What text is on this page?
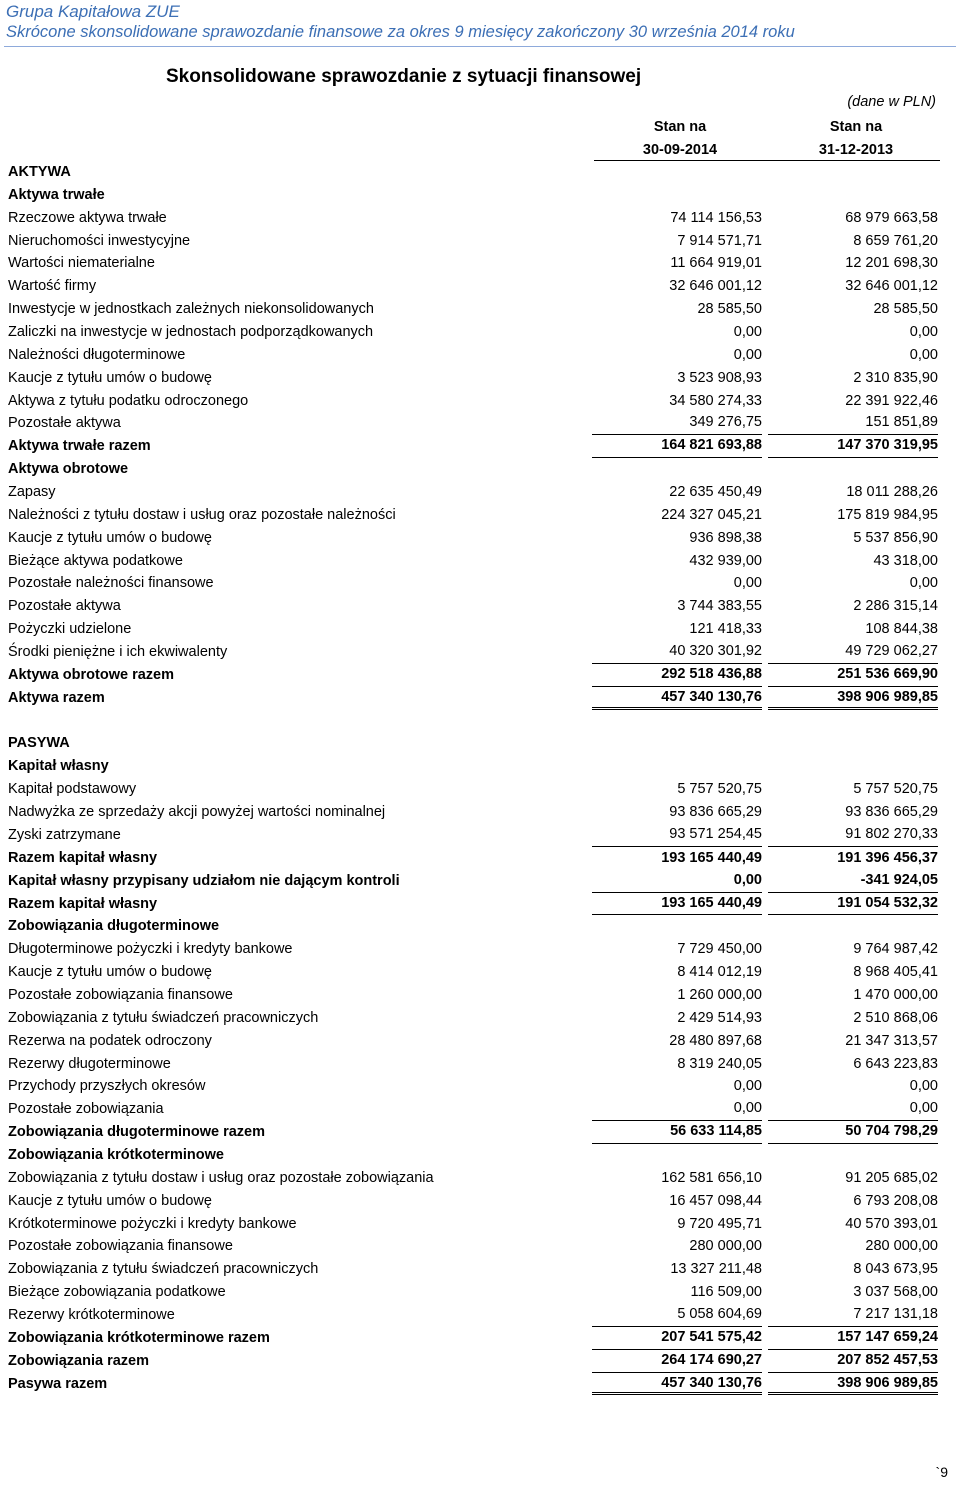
Grupa Kapitałowa ZUE
Skrócone skonsolidowane sprawozdanie finansowe za okres 9 miesięcy zakończony 30 września 2014 roku
Skonsolidowane sprawozdanie z sytuacji finansowej
(dane w PLN)
Stan na
30-09-2014
Stan na
31-12-2013
AKTYWA
Aktywa trwałe
Rzeczowe aktywa trwałe	74 114 156,53	68 979 663,58
Nieruchomości inwestycyjne	7 914 571,71	8 659 761,20
Wartości niematerialne	11 664 919,01	12 201 698,30
Wartość firmy	32 646 001,12	32 646 001,12
Inwestycje w jednostkach zależnych niekonsolidowanych	28 585,50	28 585,50
Zaliczki na inwestycje w jednostach podporządkowanych	0,00	0,00
Należności długoterminowe	0,00	0,00
Kaucje z tytułu umów o budowę	3 523 908,93	2 310 835,90
Aktywa z tytułu podatku odroczonego	34 580 274,33	22 391 922,46
Pozostałe aktywa	349 276,75	151 851,89
Aktywa trwałe razem	164 821 693,88	147 370 319,95
Aktywa obrotowe
Zapasy	22 635 450,49	18 011 288,26
Należności z tytułu dostaw i usług oraz pozostałe należności	224 327 045,21	175 819 984,95
Kaucje z tytułu umów o budowę	936 898,38	5 537 856,90
Bieżące aktywa podatkowe	432 939,00	43 318,00
Pozostałe należności finansowe	0,00	0,00
Pozostałe aktywa	3 744 383,55	2 286 315,14
Pożyczki udzielone	121 418,33	108 844,38
Środki pieniężne i ich ekwiwalenty	40 320 301,92	49 729 062,27
Aktywa obrotowe razem	292 518 436,88	251 536 669,90
Aktywa razem	457 340 130,76	398 906 989,85
PASYWA
Kapitał własny
Kapitał podstawowy	5 757 520,75	5 757 520,75
Nadwyżka ze sprzedaży akcji powyżej wartości nominalnej	93 836 665,29	93 836 665,29
Zyski zatrzymane	93 571 254,45	91 802 270,33
Razem kapitał własny	193 165 440,49	191 396 456,37
Kapitał własny przypisany udziałom nie dającym kontroli	0,00	-341 924,05
Razem kapitał własny	193 165 440,49	191 054 532,32
Zobowiązania długoterminowe
Długoterminowe pożyczki i kredyty bankowe	7 729 450,00	9 764 987,42
Kaucje z tytułu umów o budowę	8 414 012,19	8 968 405,41
Pozostałe zobowiązania finansowe	1 260 000,00	1 470 000,00
Zobowiązania z tytułu świadczeń pracowniczych	2 429 514,93	2 510 868,06
Rezerwa na podatek odroczony	28 480 897,68	21 347 313,57
Rezerwy długoterminowe	8 319 240,05	6 643 223,83
Przychody przyszłych okresów	0,00	0,00
Pozostałe zobowiązania	0,00	0,00
Zobowiązania długoterminowe razem	56 633 114,85	50 704 798,29
Zobowiązania krótkoterminowe
Zobowiązania z tytułu dostaw i usług oraz pozostałe zobowiązania	162 581 656,10	91 205 685,02
Kaucje z tytułu umów o budowę	16 457 098,44	6 793 208,08
Krótkoterminowe pożyczki i kredyty bankowe	9 720 495,71	40 570 393,01
Pozostałe zobowiązania finansowe	280 000,00	280 000,00
Zobowiązania z tytułu świadczeń pracowniczych	13 327 211,48	8 043 673,95
Bieżące zobowiązania podatkowe	116 509,00	3 037 568,00
Rezerwy krótkoterminowe	5 058 604,69	7 217 131,18
Zobowiązania krótkoterminowe razem	207 541 575,42	157 147 659,24
Zobowiązania razem	264 174 690,27	207 852 457,53
Pasywa razem	457 340 130,76	398 906 989,85
`9
